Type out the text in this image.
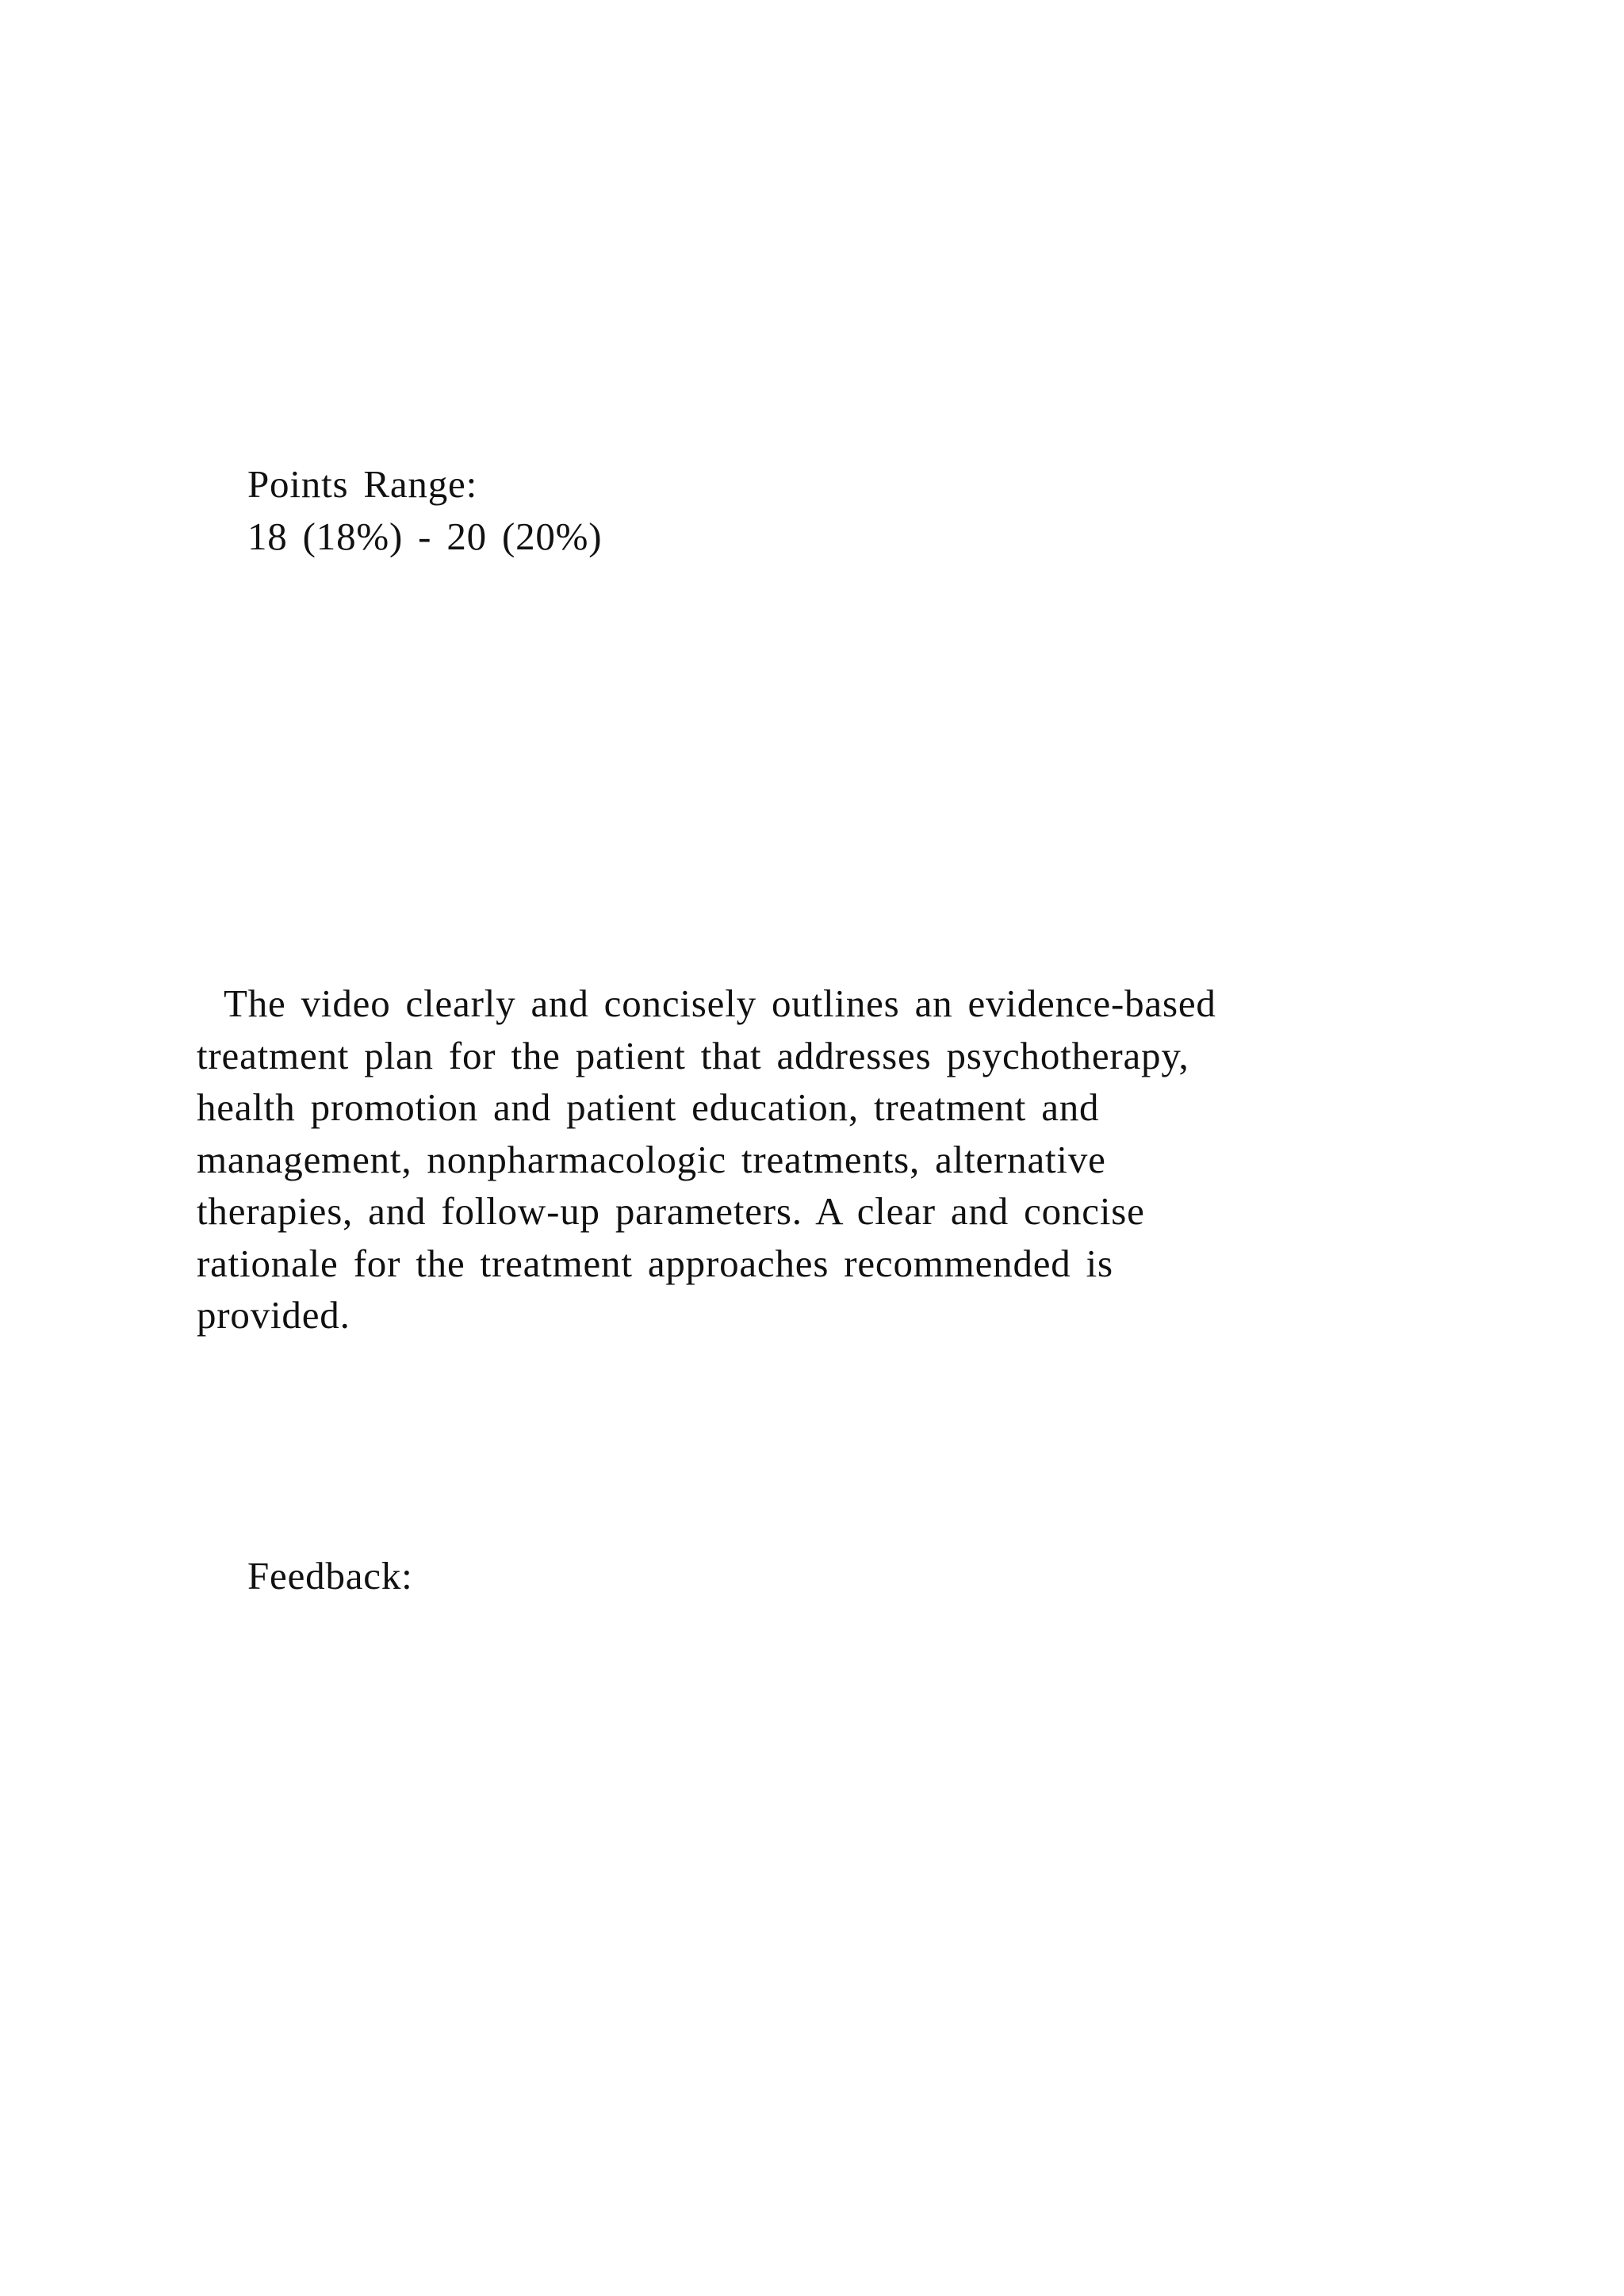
Points Range:
18 (18%) - 20 (20%)
The video clearly and concisely outlines an evidence-based
treatment plan for the patient that addresses psychotherapy,
health promotion and patient education, treatment and
management, nonpharmacologic treatments, alternative
therapies, and follow-up parameters. A clear and concise
rationale for the treatment approaches recommended is
provided.
Feedback:
